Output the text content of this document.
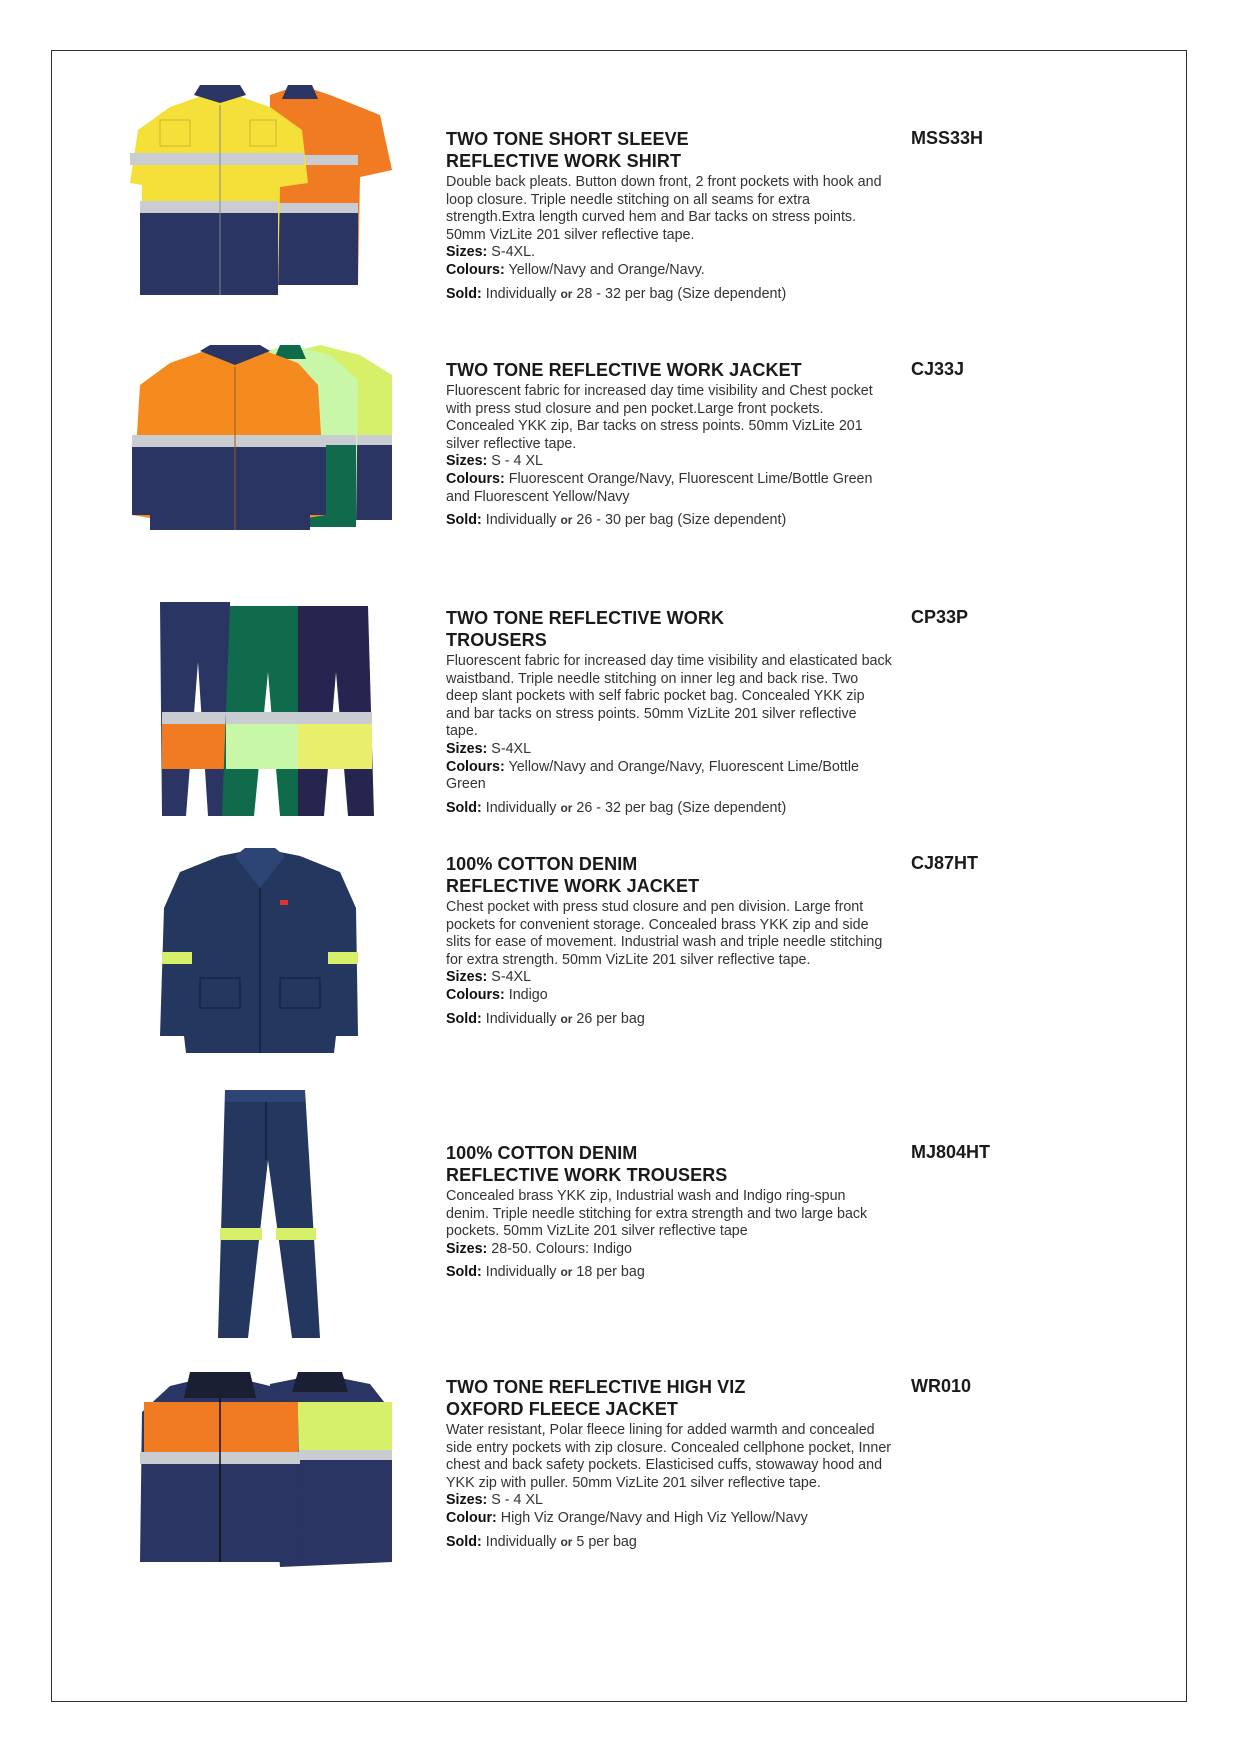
TWO TONE SHORT SLEEVE
REFLECTIVE WORK SHIRT

Double back pleats. Button down front, 2 front pockets with hook and loop closure. Triple needle stitching on all seams for extra strength.Extra length curved hem and Bar tacks on stress points. 50mm VizLite 201 silver reflective tape.

Sizes: S-4XL.

Colours: Yellow/Navy and Orange/Navy.

Sold: Individually or 28 - 32 per bag (Size dependent)
MSS33H
TWO TONE REFLECTIVE WORK JACKET

Fluorescent fabric for increased day time visibility and Chest pocket with press stud closure and pen pocket.Large front pockets. Concealed YKK zip, Bar tacks on stress points. 50mm VizLite 201 silver reflective tape.

Sizes: S - 4 XL

Colours: Fluorescent Orange/Navy, Fluorescent Lime/Bottle Green and Fluorescent Yellow/Navy

Sold: Individually or 26 - 30 per bag (Size dependent)
CJ33J
TWO TONE REFLECTIVE WORK
TROUSERS

Fluorescent fabric for increased day time visibility and elasticated back waistband. Triple needle stitching on inner leg and back rise. Two deep slant pockets with self fabric pocket bag. Concealed YKK zip and bar tacks on stress points. 50mm VizLite 201 silver reflective tape.

Sizes: S-4XL

Colours: Yellow/Navy and Orange/Navy, Fluorescent Lime/Bottle Green

Sold: Individually or 26 - 32 per bag (Size dependent)
CP33P
100% COTTON DENIM
REFLECTIVE WORK JACKET

Chest pocket with press stud closure and pen division. Large front pockets for convenient storage. Concealed brass YKK zip and side slits for ease of movement. Industrial wash and triple needle stitching for extra strength. 50mm VizLite 201 silver reflective tape.

Sizes: S-4XL

Colours: Indigo

Sold: Individually or 26 per bag
CJ87HT
100% COTTON DENIM
REFLECTIVE WORK TROUSERS

Concealed brass YKK zip, Industrial wash and Indigo ring-spun denim. Triple needle stitching for extra strength and two large back pockets. 50mm VizLite 201 silver reflective tape

Sizes: 28-50. Colours: Indigo

Sold: Individually or 18 per bag
MJ804HT
TWO TONE REFLECTIVE HIGH VIZ
OXFORD FLEECE JACKET

Water resistant, Polar fleece lining for added warmth and concealed side entry pockets with zip closure. Concealed cellphone pocket, Inner chest and back safety pockets. Elasticised cuffs, stowaway hood and YKK zip with puller. 50mm VizLite 201 silver reflective tape.

Sizes: S - 4 XL

Colour: High Viz Orange/Navy and High Viz Yellow/Navy

Sold: Individually or 5 per bag
WR010
